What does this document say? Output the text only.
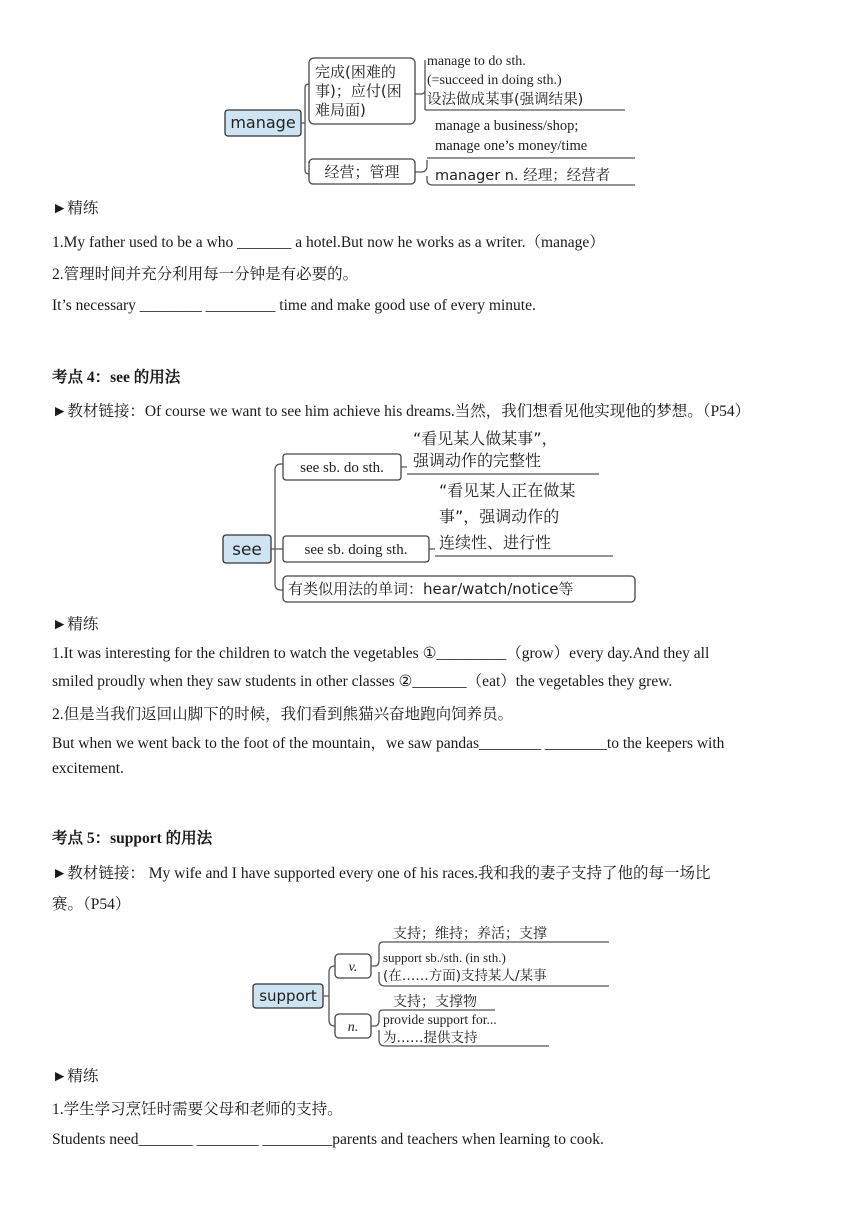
manage
完成(困难的
事)；应付(困
难局面)
manage to do sth.
(=succeed in doing sth.)
设法做成某事(强调结果)
经营；管理
manage a business/shop;
manage one’s money/time
manager n. 经理；经营者
►精练
1.My father used to be a who _______ a hotel.But now he works as a writer.（manage）
2.管理时间并充分利用每一分钟是有必要的。
It’s necessary ________ _________ time and make good use of every minute.
考点 4：see 的用法
►教材链接：Of course we want to see him achieve his dreams.当然，我们想看见他实现他的梦想。（P54）
see
see sb. do sth.
“看见某人做某事”，
强调动作的完整性
see sb. doing sth.
“看见某人正在做某
事”，强调动作的
连续性、进行性
有类似用法的单词：hear/watch/notice等
►精练
1.It was interesting for the children to watch the vegetables ①_________（grow）every day.And they all
smiled proudly when they saw students in other classes ②_______（eat）the vegetables they grew.
2.但是当我们返回山脚下的时候，我们看到熊猫兴奋地跑向饲养员。
But when we went back to the foot of the mountain，we saw pandas________ ________to the keepers with
excitement.
考点 5：support 的用法
►教材链接： My wife and I have supported every one of his races.我和我的妻子支持了他的每一场比
赛。（P54）
support
v.
支持；维持；养活；支撑
support sb./sth. (in sth.)
(在……方面)支持某人/某事
n.
支持；支撑物
provide support for...
为……提供支持
►精练
1.学生学习烹饪时需要父母和老师的支持。
Students need_______ ________ _________parents and teachers when learning to cook.
